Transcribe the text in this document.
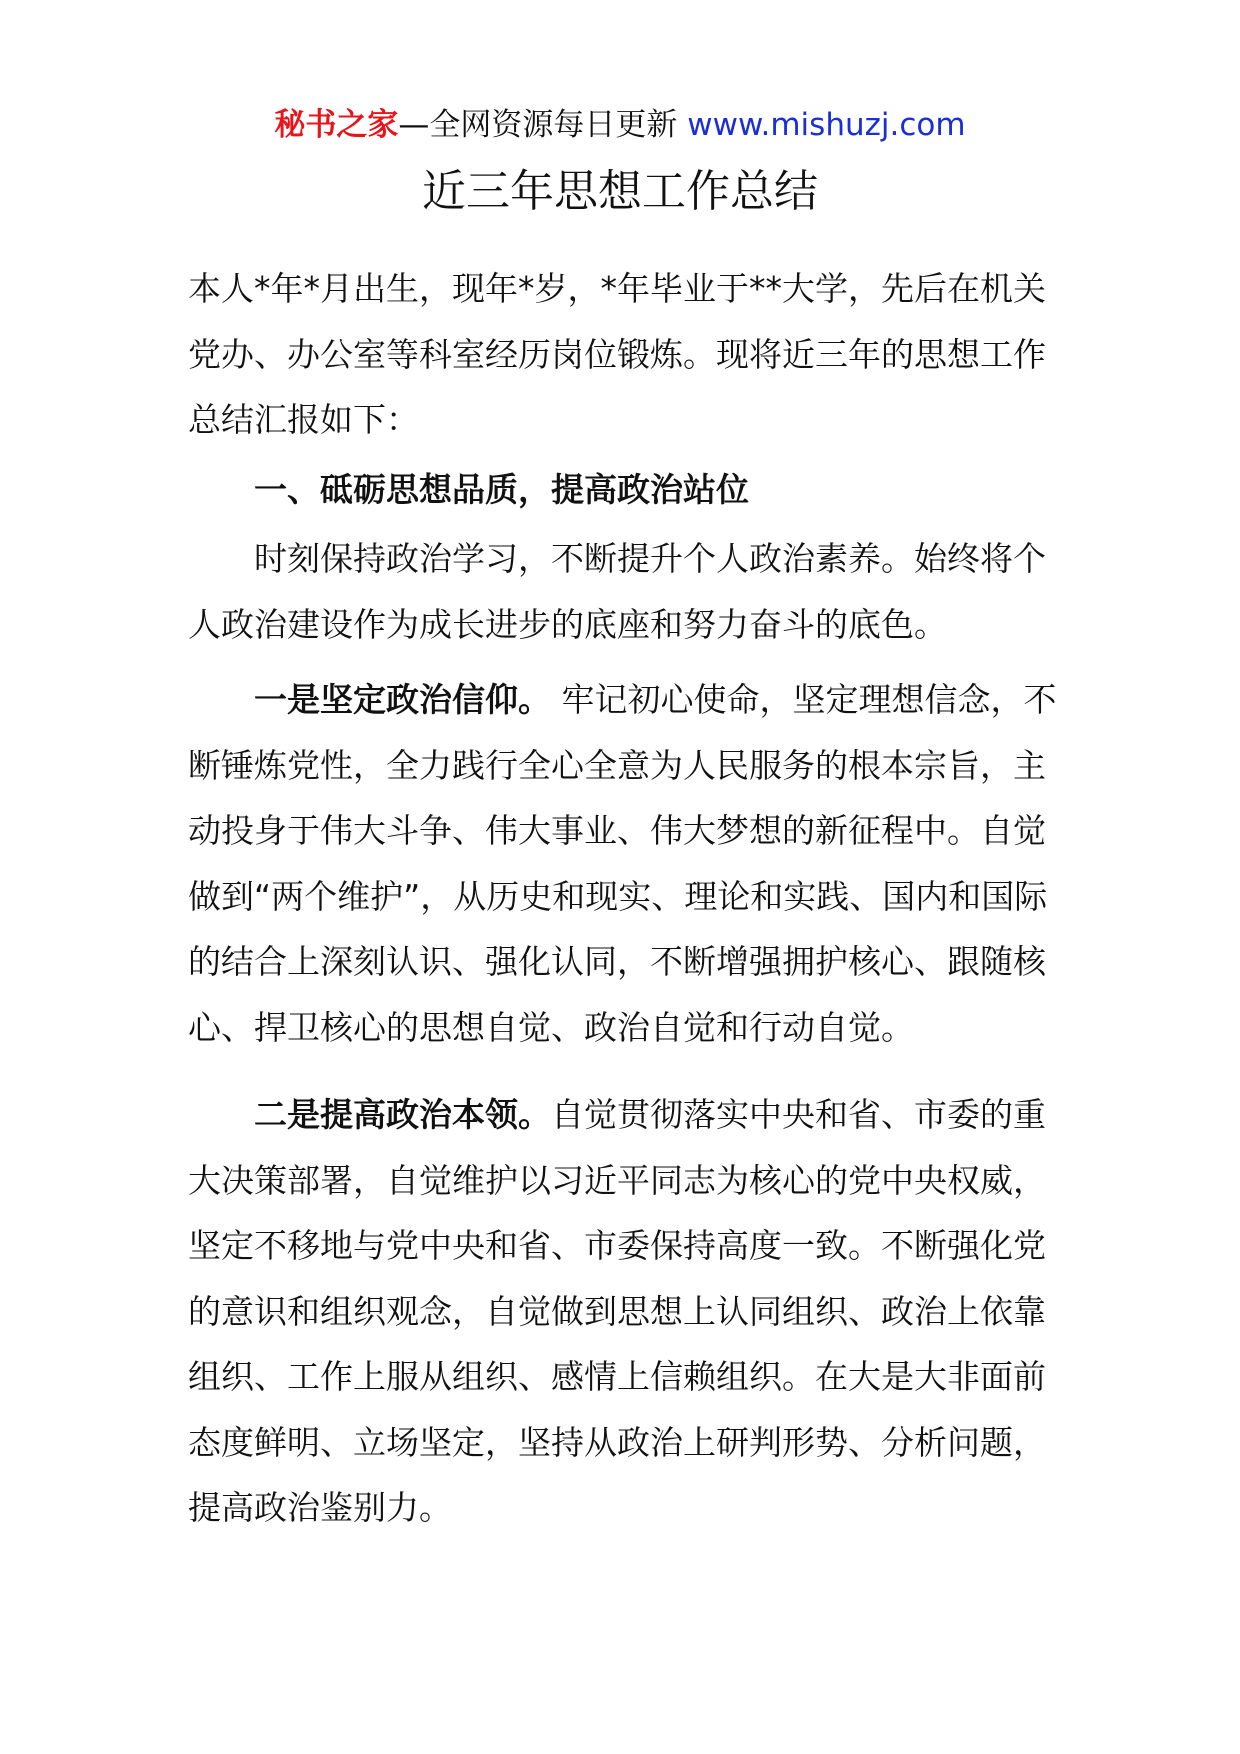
秘书之家—全网资源每日更新 www.mishuzj.com
近三年思想工作总结

本人*年*月出生，现年*岁，*年毕业于**大学，先后在机关党办、办公室等科室经历岗位锻炼。现将近三年的思想工作总结汇报如下：

一、砥砺思想品质，提高政治站位

时刻保持政治学习，不断提升个人政治素养。始终将个人政治建设作为成长进步的底座和努力奋斗的底色。

一是坚定政治信仰。 牢记初心使命，坚定理想信念，不断锤炼党性，全力践行全心全意为人民服务的根本宗旨，主动投身于伟大斗争、伟大事业、伟大梦想的新征程中。自觉做到“两个维护”，从历史和现实、理论和实践、国内和国际的结合上深刻认识、强化认同，不断增强拥护核心、跟随核心、捍卫核心的思想自觉、政治自觉和行动自觉。

二是提高政治本领。自觉贯彻落实中央和省、市委的重大决策部署，自觉维护以习近平同志为核心的党中央权威，坚定不移地与党中央和省、市委保持高度一致。不断强化党的意识和组织观念，自觉做到思想上认同组织、政治上依靠组织、工作上服从组织、感情上信赖组织。在大是大非面前态度鲜明、立场坚定，坚持从政治上研判形势、分析问题，提高政治鉴别力。
